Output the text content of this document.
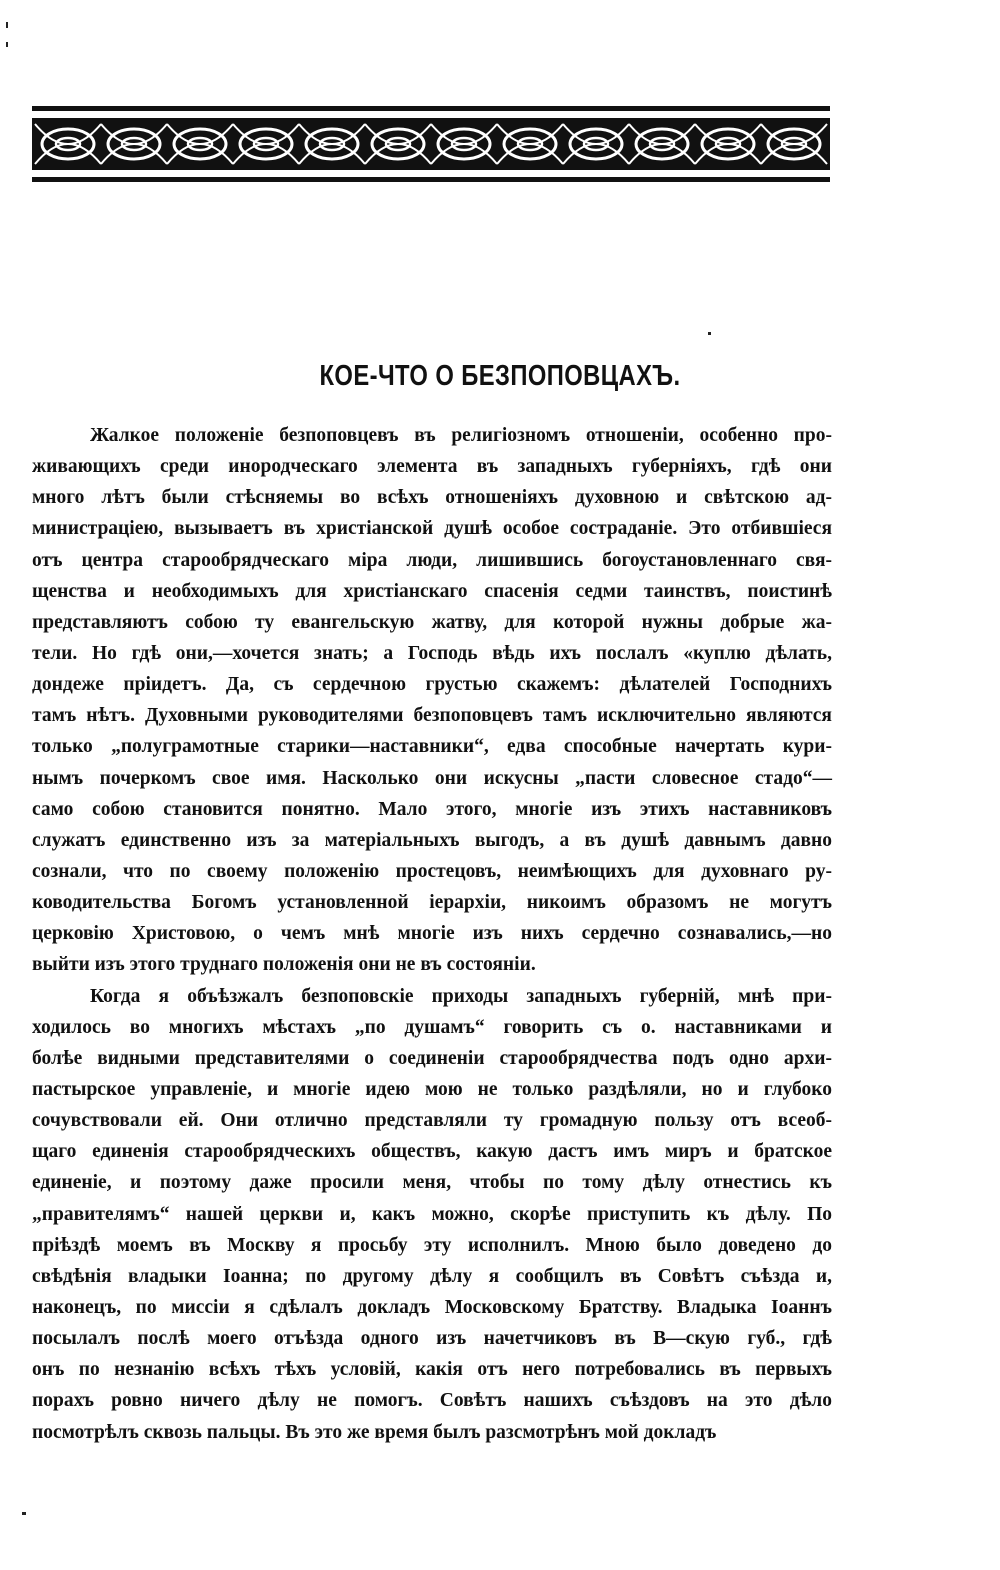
КОЕ-ЧТО О БЕЗПОПОВЦАХЪ.
Жалкое положеніе безпоповцевъ въ религіозномъ отношеніи, особенно про-
живающихъ среди инородческаго элемента въ западныхъ губерніяхъ, гдѣ они
много лѣтъ были стѣсняемы во всѣхъ отношеніяхъ духовною и свѣтскою ад-
министраціею, вызываетъ въ христіанской душѣ особое состраданіе. Это отбившіеся
отъ центра старообрядческаго міра люди, лишившись богоустановленнаго свя-
щенства и необходимыхъ для христіанскаго спасенія седми таинствъ, поистинѣ
представляютъ собою ту евангельскую жатву, для которой нужны добрые жа-
тели. Но гдѣ они,—хочется знать; а Господь вѣдь ихъ послалъ «куплю дѣлать,
дондеже пріидетъ. Да, съ сердечною грустью скажемъ: дѣлателей Господнихъ
тамъ нѣтъ. Духовными руководителями безпоповцевъ тамъ исключительно являются
только „полуграмотные старики—наставники“, едва способные начертать кури-
нымъ почеркомъ свое имя. Насколько они искусны „пасти словесное стадо“—
само собою становится понятно. Мало этого, многіе изъ этихъ наставниковъ
служатъ единственно изъ за матеріальныхъ выгодъ, а въ душѣ давнымъ давно
сознали, что по своему положенію простецовъ, неимѣющихъ для духовнаго ру-
ководительства Богомъ установленной іерархіи, никоимъ образомъ не могутъ
церковію Христовою, о чемъ мнѣ многіе изъ нихъ сердечно сознавались,—но
выйти изъ этого труднаго положенія они не въ состояніи.
Когда я объѣзжалъ безпоповскіе приходы западныхъ губерній, мнѣ при-
ходилось во многихъ мѣстахъ „по душамъ“ говорить съ о. наставниками и
болѣе видными представителями о соединеніи старообрядчества подъ одно архи-
пастырское управленіе, и многіе идею мою не только раздѣляли, но и глубоко
сочувствовали ей. Они отлично представляли ту громадную пользу отъ всеоб-
щаго единенія старообрядческихъ обществъ, какую дастъ имъ миръ и братское
единеніе, и поэтому даже просили меня, чтобы по тому дѣлу отнестись къ
„правителямъ“ нашей церкви и, какъ можно, скорѣе приступить къ дѣлу. По
пріѣздѣ моемъ въ Москву я просьбу эту исполнилъ. Мною было доведено до
свѣдѣнія владыки Іоанна; по другому дѣлу я сообщилъ въ Совѣтъ съѣзда и,
наконецъ, по миссіи я сдѣлалъ докладъ Московскому Братству. Владыка Іоаннъ
посылалъ послѣ моего отъѣзда одного изъ начетчиковъ въ В—скую губ., гдѣ
онъ по незнанію всѣхъ тѣхъ условій, какія отъ него потребовались въ первыхъ
порахъ ровно ничего дѣлу не помогъ. Совѣтъ нашихъ съѣздовъ на это дѣло
посмотрѣлъ сквозь пальцы. Въ это же время былъ разсмотрѣнъ мой докладъ
